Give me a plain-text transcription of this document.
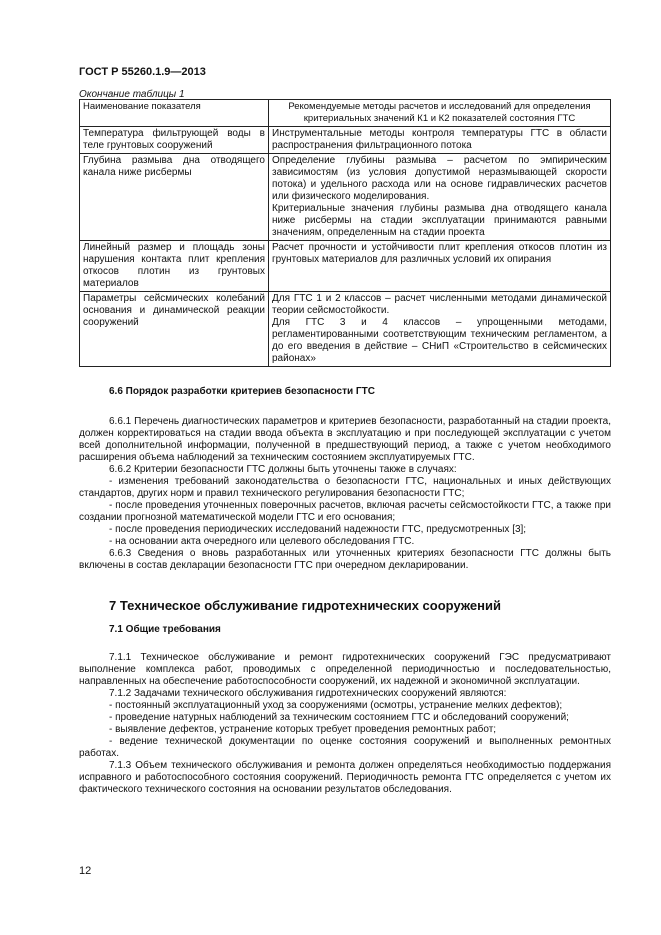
​
ГОСТ Р 55260.1.9—2013
Окончание таблицы 1
Наименование показателя	Рекомендуемые методы расчетов и исследований для определения критериальных значений К1 и К2 показателей состояния ГТС
Температура фильтрующей воды в теле грунтовых сооружений	Инструментальные методы контроля температуры ГТС в области распространения фильтрационного потока

Глубина размыва дна отводящего канала ниже рисбермы	Определение глубины размыва – расчетом по эмпирическим зависимостям (из условия допустимой неразмывающей скорости потока) и удельного расхода или на основе гидравлических расчетов или физического моделирования.

Критериальные значения глубины размыва дна отводящего канала ниже рисбермы на стадии эксплуатации принимаются равными значениям, определенным на стадии проекта

Линейный размер и площадь зоны нарушения контакта плит крепления откосов плотин из грунтовых материалов	Расчет прочности и устойчивости плит крепления откосов плотин из грунтовых материалов для различных условий их опирания

Параметры сейсмических колебаний основания и динамической реакции сооружений	Для ГТС 1 и 2 классов – расчет численными методами динамической теории сейсмостойкости.

Для ГТС 3 и 4 классов – упрощенными методами, регламентированными соответствующим техническим регламентом, а до его введения в действие – СНиП «Строительство в сейсмических районах»

6.6 Порядок разработки критериев безопасности ГТС

6.6.1 Перечень диагностических параметров и критериев безопасности, разработанный на стадии проекта, должен корректироваться на стадии ввода объекта в эксплуатацию и при последующей эксплуатации с учетом всей дополнительной информации, полученной в предшествующий период, а также с учетом необходимого расширения объема наблюдений за техническим состоянием эксплуатируемых ГТС.

6.6.2 Критерии безопасности ГТС должны быть уточнены также в случаях:

- изменения требований законодательства о безопасности ГТС, национальных и иных действующих стандартов, других норм и правил технического регулирования безопасности ГТС;

- после проведения уточненных поверочных расчетов, включая расчеты сейсмостойкости ГТС, а также при создании прогнозной математической модели ГТС и его основания;

- после проведения периодических исследований надежности ГТС, предусмотренных [3];

- на основании акта очередного или целевого обследования ГТС.

6.6.3 Сведения о вновь разработанных или уточненных критериях безопасности ГТС должны быть включены в состав декларации безопасности ГТС при очередном декларировании.

7 Техническое обслуживание гидротехнических сооружений
7.1 Общие требования

7.1.1 Техническое обслуживание и ремонт гидротехнических сооружений ГЭС предусматривают выполнение комплекса работ, проводимых с определенной периодичностью и последовательностью, направленных на обеспечение работоспособности сооружений, их надежной и экономичной эксплуатации.

7.1.2 Задачами технического обслуживания гидротехнических сооружений являются:

- постоянный эксплуатационный уход за сооружениями (осмотры, устранение мелких дефектов);

- проведение натурных наблюдений за техническим состоянием ГТС и обследований сооружений;

- выявление дефектов, устранение которых требует проведения ремонтных работ;

- ведение технической документации по оценке состояния сооружений и выполненных ремонтных работах.

7.1.3 Объем технического обслуживания и ремонта должен определяться необходимостью поддержания исправного и работоспособного состояния сооружений. Периодичность ремонта ГТС определяется с учетом их фактического технического состояния на основании результатов обследования.

12
